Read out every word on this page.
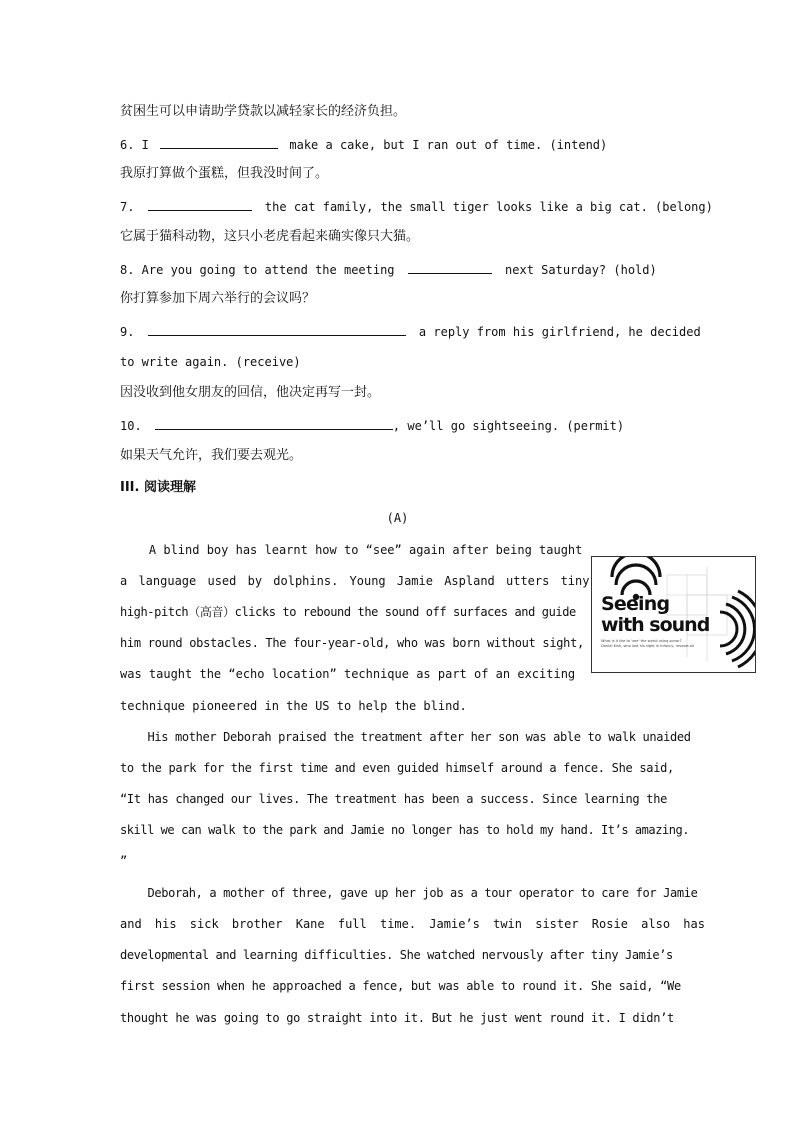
贫困生可以申请助学贷款以减轻家长的经济负担。
6. I	make a cake, but I ran out of time. (intend)
我原打算做个蛋糕，但我没时间了。
7.	the cat family, the small tiger looks like a big cat. (belong)
它属于猫科动物，这只小老虎看起来确实像只大猫。
8. Are you going to attend the meeting	next Saturday? (hold)
你打算参加下周六举行的会议吗？
9.	a reply from his girlfriend, he decided
to write again. (receive)
因没收到他女朋友的回信，他决定再写一封。
10.	, we’ll go sightseeing. (permit)
如果天气允许，我们要去观光。
III. 阅读理解
(A)
A blind boy has learnt how to “see” again after being taught
a language used by dolphins. Young Jamie Aspland utters tiny
high-pitch（高音）clicks to rebound the sound off surfaces and guide
him round obstacles. The four-year-old, who was born without sight,
was taught the “echo location” technique as part of an exciting
technique pioneered in the US to help the blind.
His mother Deborah praised the treatment after her son was able to walk unaided
to the park for the first time and even guided himself around a fence. She said,
“It has changed our lives. The treatment has been a success. Since learning the
skill we can walk to the park and Jamie no longer has to hold my hand. It’s amazing.
”
Deborah, a mother of three, gave up her job as a tour operator to care for Jamie
and his sick brother Kane full time. Jamie’s twin sister Rosie also has
developmental and learning difficulties. She watched nervously after tiny Jamie’s
first session when he approached a fence, but was able to round it. She said, “We
thought he was going to go straight into it. But he just went round it. I didn’t
Seeing
with sound
What is it like to 'see' the world using sonar?
Daniel Kish, who lost his sight in infancy, reveals all
